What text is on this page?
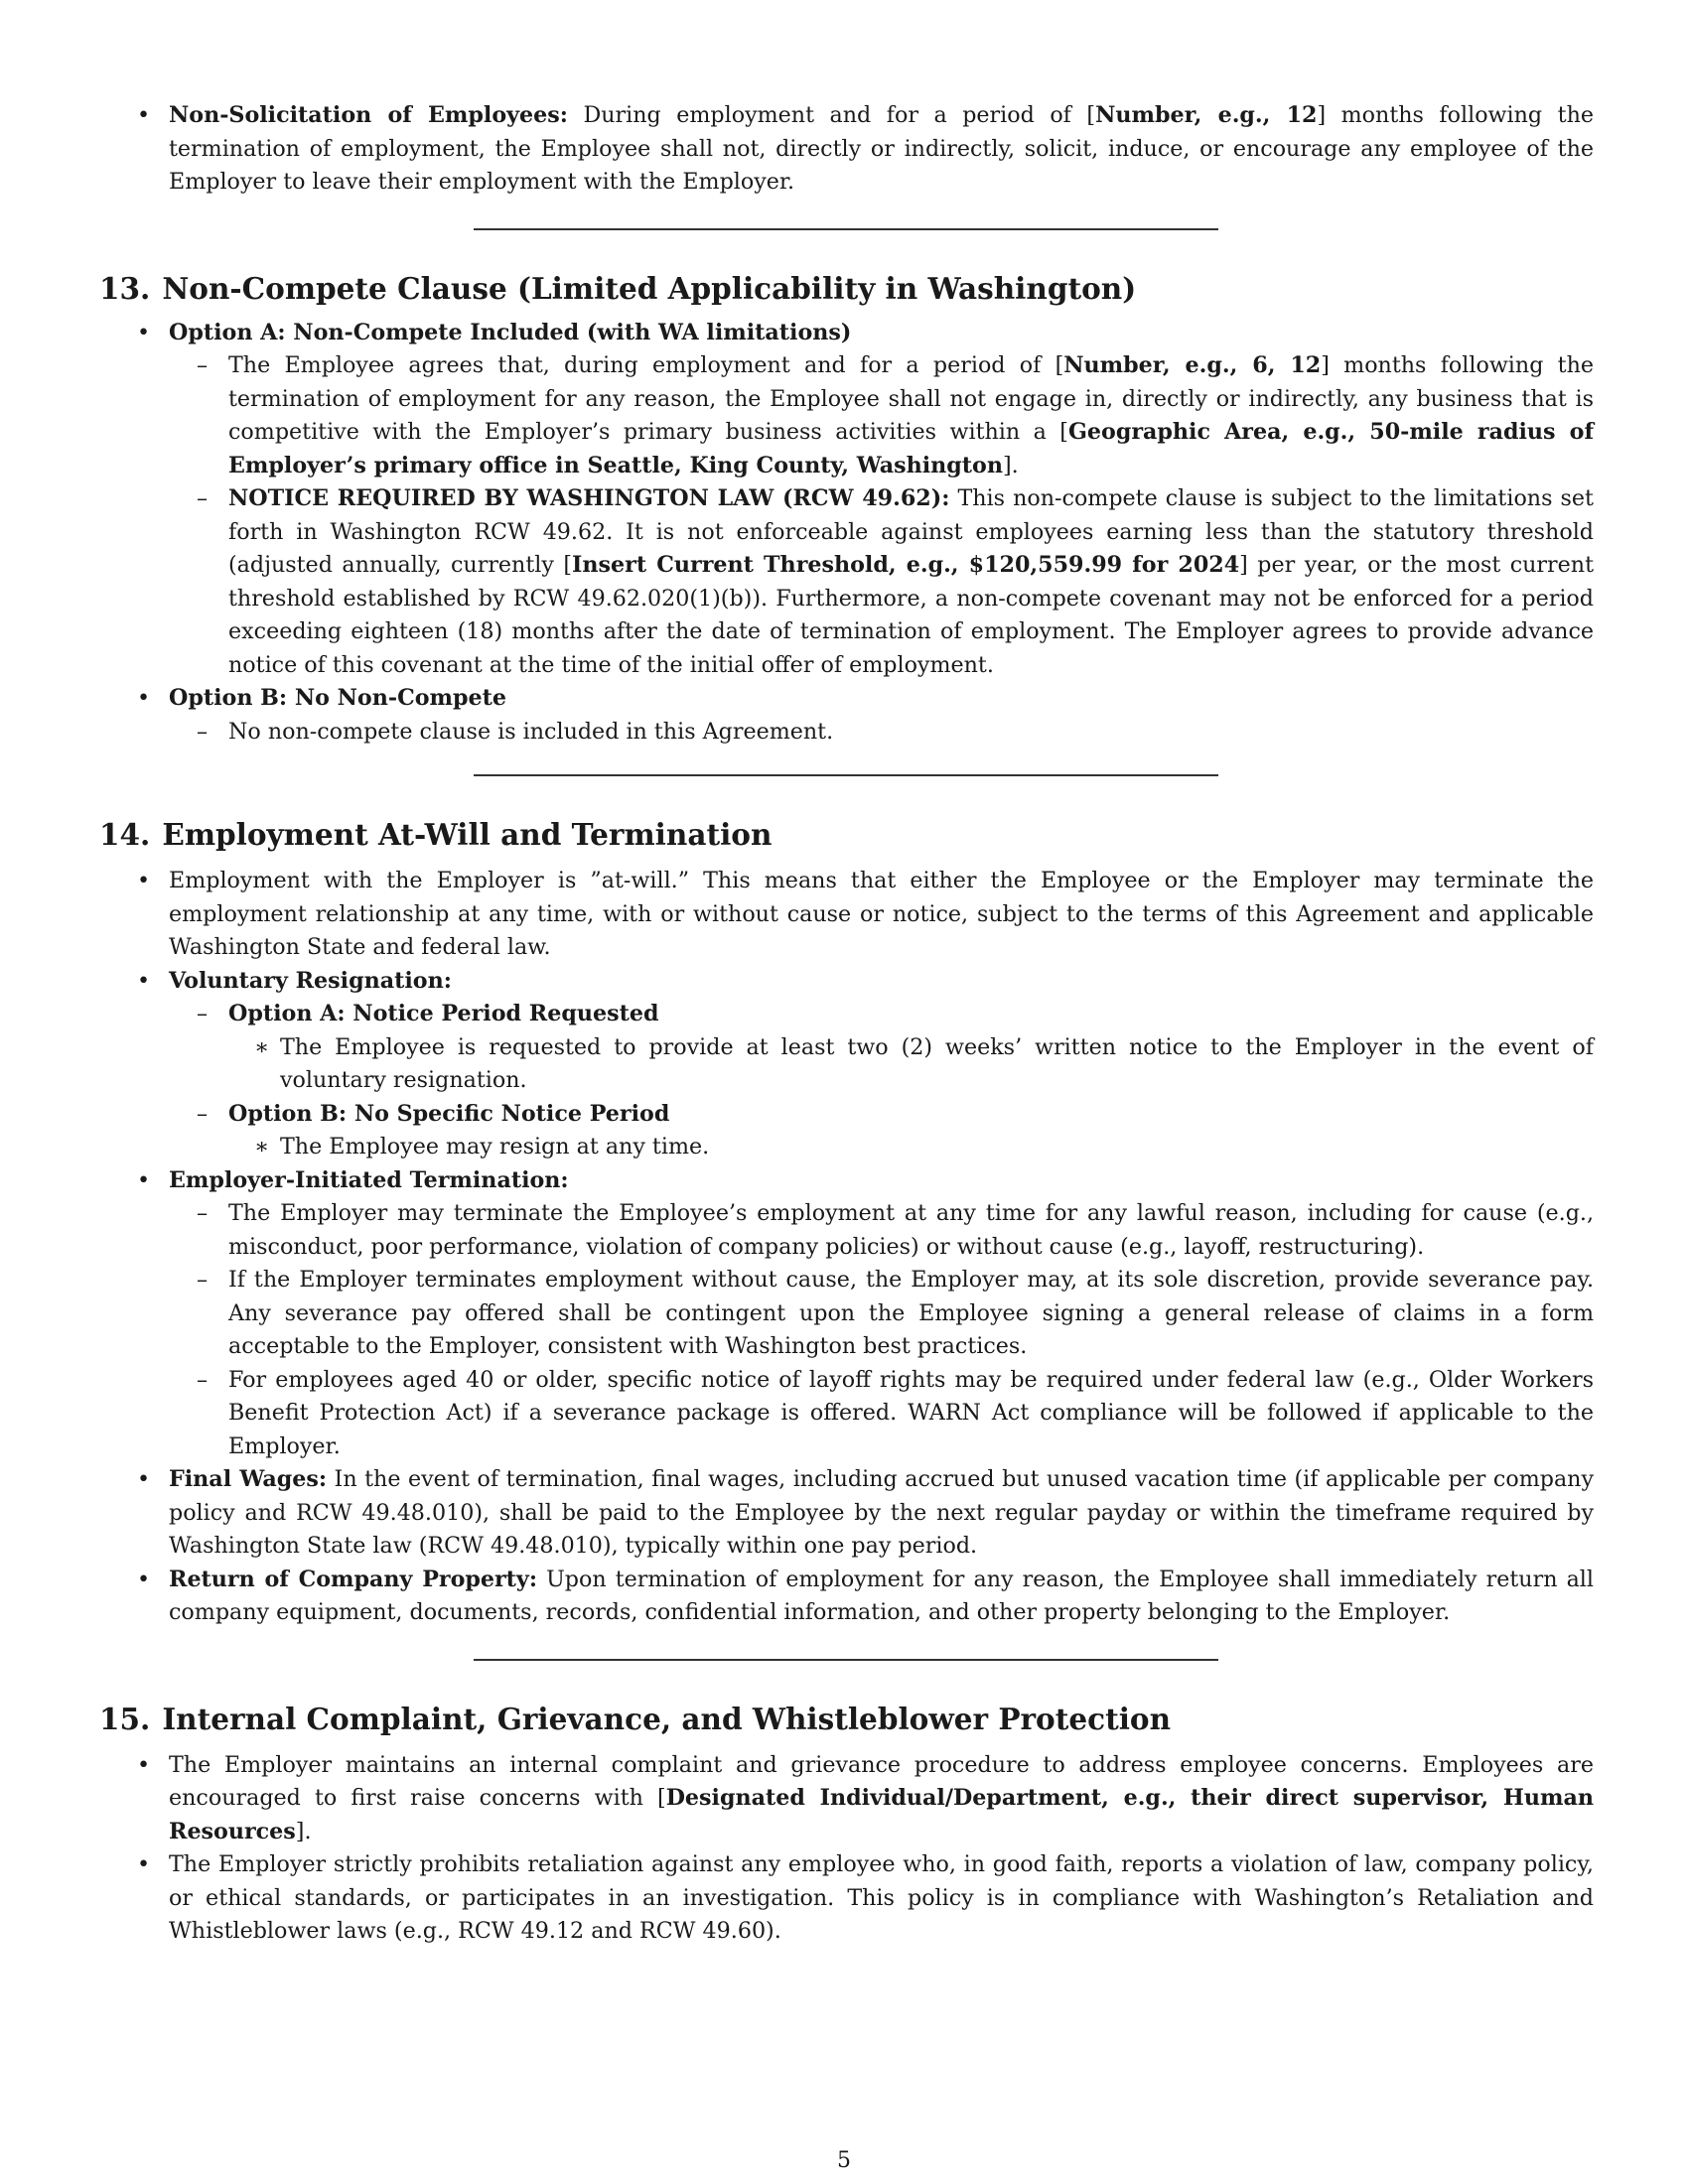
• Non-Solicitation of Employees: During employment and for a period of [Number, e.g., 12] months following the termination of employment, the Employee shall not, directly or indirectly, solicit, induce, or encourage any employee of the Employer to leave their employment with the Employer.
13. Non-Compete Clause (Limited Applicability in Washington)
• Option A: Non-Compete Included (with WA limitations)
– The Employee agrees that, during employment and for a period of [Number, e.g., 6, 12] months following the termination of employment for any reason, the Employee shall not engage in, directly or indirectly, any business that is competitive with the Employer’s primary business activities within a [Geographic Area, e.g., 50-mile radius of Employer’s primary office in Seattle, King County, Washington].
– NOTICE REQUIRED BY WASHINGTON LAW (RCW 49.62): This non-compete clause is subject to the limitations set forth in Washington RCW 49.62. It is not enforceable against employees earning less than the statutory threshold (adjusted annually, currently [Insert Current Threshold, e.g., $120,559.99 for 2024] per year, or the most current threshold established by RCW 49.62.020(1)(b)). Furthermore, a non-compete covenant may not be enforced for a period exceeding eighteen (18) months after the date of termination of employment. The Employer agrees to provide advance notice of this covenant at the time of the initial offer of employment.
• Option B: No Non-Compete
– No non-compete clause is included in this Agreement.
14. Employment At-Will and Termination
• Employment with the Employer is ”at-will.” This means that either the Employee or the Employer may terminate the employment relationship at any time, with or without cause or notice, subject to the terms of this Agreement and applicable Washington State and federal law.
• Voluntary Resignation:
– Option A: Notice Period Requested
∗ The Employee is requested to provide at least two (2) weeks’ written notice to the Employer in the event of voluntary resignation.
– Option B: No Specific Notice Period
∗ The Employee may resign at any time.
• Employer-Initiated Termination:
– The Employer may terminate the Employee’s employment at any time for any lawful reason, including for cause (e.g., misconduct, poor performance, violation of company policies) or without cause (e.g., layoff, restructuring).
– If the Employer terminates employment without cause, the Employer may, at its sole discretion, provide severance pay. Any severance pay offered shall be contingent upon the Employee signing a general release of claims in a form acceptable to the Employer, consistent with Washington best practices.
– For employees aged 40 or older, specific notice of layoff rights may be required under federal law (e.g., Older Workers Benefit Protection Act) if a severance package is offered. WARN Act compliance will be followed if applicable to the Employer.
• Final Wages: In the event of termination, final wages, including accrued but unused vacation time (if applicable per company policy and RCW 49.48.010), shall be paid to the Employee by the next regular payday or within the timeframe required by Washington State law (RCW 49.48.010), typically within one pay period.
• Return of Company Property: Upon termination of employment for any reason, the Employee shall immediately return all company equipment, documents, records, confidential information, and other property belonging to the Employer.
15. Internal Complaint, Grievance, and Whistleblower Protection
• The Employer maintains an internal complaint and grievance procedure to address employee concerns. Employees are encouraged to first raise concerns with [Designated Individual/Department, e.g., their direct supervisor, Human Resources].
• The Employer strictly prohibits retaliation against any employee who, in good faith, reports a violation of law, company policy, or ethical standards, or participates in an investigation. This policy is in compliance with Washington’s Retaliation and Whistleblower laws (e.g., RCW 49.12 and RCW 49.60).
5
